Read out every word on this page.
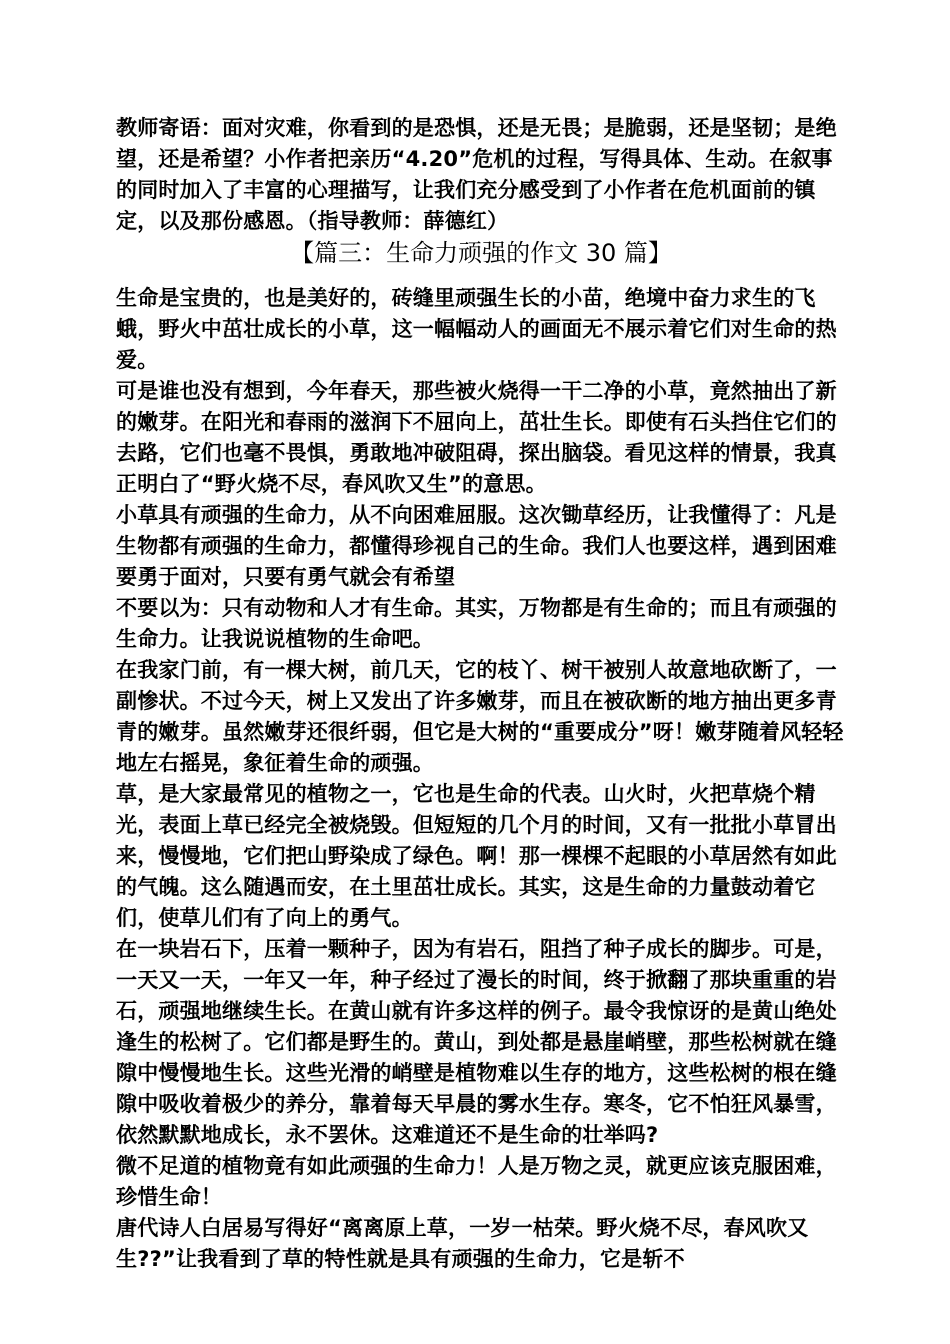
教师寄语：面对灾难，你看到的是恐惧，还是无畏；是脆弱，还是坚韧；是绝望，还是希望？小作者把亲历“4.20”危机的过程，写得具体、生动。在叙事的同时加入了丰富的心理描写，让我们充分感受到了小作者在危机面前的镇定，以及那份感恩。（指导教师：薛德红）

【篇三：生命力顽强的作文 30 篇】

生命是宝贵的，也是美好的，砖缝里顽强生长的小苗，绝境中奋力求生的飞蛾，野火中茁壮成长的小草，这一幅幅动人的画面无不展示着它们对生命的热爱。

可是谁也没有想到，今年春天，那些被火烧得一干二净的小草，竟然抽出了新的嫩芽。在阳光和春雨的滋润下不屈向上，茁壮生长。即使有石头挡住它们的去路，它们也毫不畏惧，勇敢地冲破阻碍，探出脑袋。看见这样的情景，我真正明白了“野火烧不尽，春风吹又生”的意思。

小草具有顽强的生命力，从不向困难屈服。这次锄草经历，让我懂得了：凡是生物都有顽强的生命力，都懂得珍视自己的生命。我们人也要这样，遇到困难要勇于面对，只要有勇气就会有希望

不要以为：只有动物和人才有生命。其实，万物都是有生命的；而且有顽强的生命力。让我说说植物的生命吧。

在我家门前，有一棵大树，前几天，它的枝丫、树干被别人故意地砍断了，一副惨状。不过今天，树上又发出了许多嫩芽，而且在被砍断的地方抽出更多青青的嫩芽。虽然嫩芽还很纤弱，但它是大树的“重要成分”呀！嫩芽随着风轻轻地左右摇晃，象征着生命的顽强。

草，是大家最常见的植物之一，它也是生命的代表。山火时，火把草烧个精光，表面上草已经完全被烧毁。但短短的几个月的时间，又有一批批小草冒出来，慢慢地，它们把山野染成了绿色。啊！那一棵棵不起眼的小草居然有如此的气魄。这么随遇而安，在土里茁壮成长。其实，这是生命的力量鼓动着它们，使草儿们有了向上的勇气。

在一块岩石下，压着一颗种子，因为有岩石，阻挡了种子成长的脚步。可是，一天又一天，一年又一年，种子经过了漫长的时间，终于掀翻了那块重重的岩石，顽强地继续生长。在黄山就有许多这样的例子。最令我惊讶的是黄山绝处逢生的松树了。它们都是野生的。黄山，到处都是悬崖峭壁，那些松树就在缝隙中慢慢地生长。这些光滑的峭壁是植物难以生存的地方，这些松树的根在缝隙中吸收着极少的养分，靠着每天早晨的雾水生存。寒冬，它不怕狂风暴雪，依然默默地成长，永不罢休。这难道还不是生命的壮举吗?

微不足道的植物竟有如此顽强的生命力！人是万物之灵，就更应该克服困难，珍惜生命！

唐代诗人白居易写得好“离离原上草，一岁一枯荣。野火烧不尽，春风吹又生??”让我看到了草的特性就是具有顽强的生命力，它是斩不
